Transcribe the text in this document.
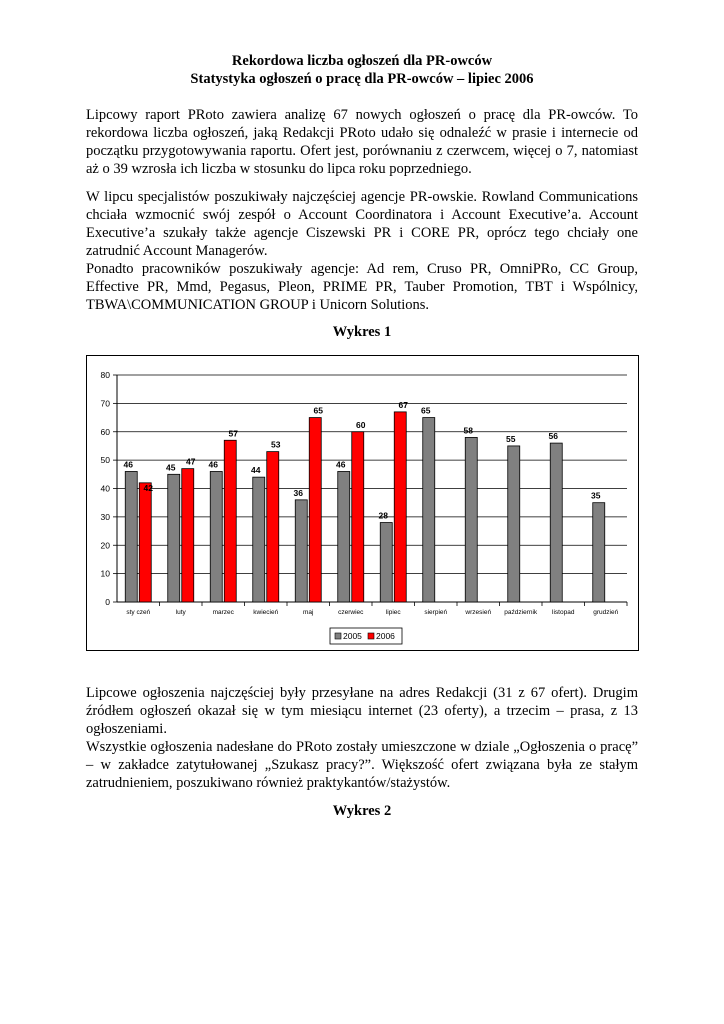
Rekordowa liczba ogłoszeń dla PR-owców
Statystyka ogłoszeń o pracę dla PR-owców – lipiec 2006

Lipcowy raport PRoto zawiera analizę 67 nowych ogłoszeń o pracę dla PR-owców. To rekordowa liczba ogłoszeń, jaką Redakcji PRoto udało się odnaleźć w prasie i internecie od początku przygotowywania raportu. Ofert jest, porównaniu z czerwcem, więcej o 7, natomiast aż o 39 wzrosła ich liczba w stosunku do lipca roku poprzedniego.

W lipcu specjalistów poszukiwały najczęściej agencje PR-owskie. Rowland Communications chciała wzmocnić swój zespół o Account Coordinatora i Account Executive’a. Account Executive’a szukały także agencje Ciszewski PR i CORE PR, oprócz tego chciały one zatrudnić Account Managerów.

Ponadto pracowników poszukiwały agencje: Ad rem, Cruso PR, OmniPRo, CC Group, Effective PR, Mmd, Pegasus, Pleon, PRIME PR, Tauber Promotion, TBT i Wspólnicy, TBWA\COMMUNICATION GROUP i Unicorn Solutions.

Wykres 1
0
10
20
30
40
50
60
70
80
sty czeń
46
42
luty
45
47
marzec
46
57
kwiecień
44
53
maj
36
65
czerwiec
46
60
lipiec
28
67
sierpień
65
wrzesień
58
październik
55
listopad
56
grudzień
35
2005 2006

Lipcowe ogłoszenia najczęściej były przesyłane na adres Redakcji (31 z 67 ofert). Drugim źródłem ogłoszeń okazał się w tym miesiącu internet (23 oferty), a trzecim – prasa, z 13 ogłoszeniami.

Wszystkie ogłoszenia nadesłane do PRoto zostały umieszczone w dziale „Ogłoszenia o pracę” – w zakładce zatytułowanej „Szukasz pracy?”. Większość ofert związana była ze stałym zatrudnieniem, poszukiwano również praktykantów/stażystów.

Wykres 2
